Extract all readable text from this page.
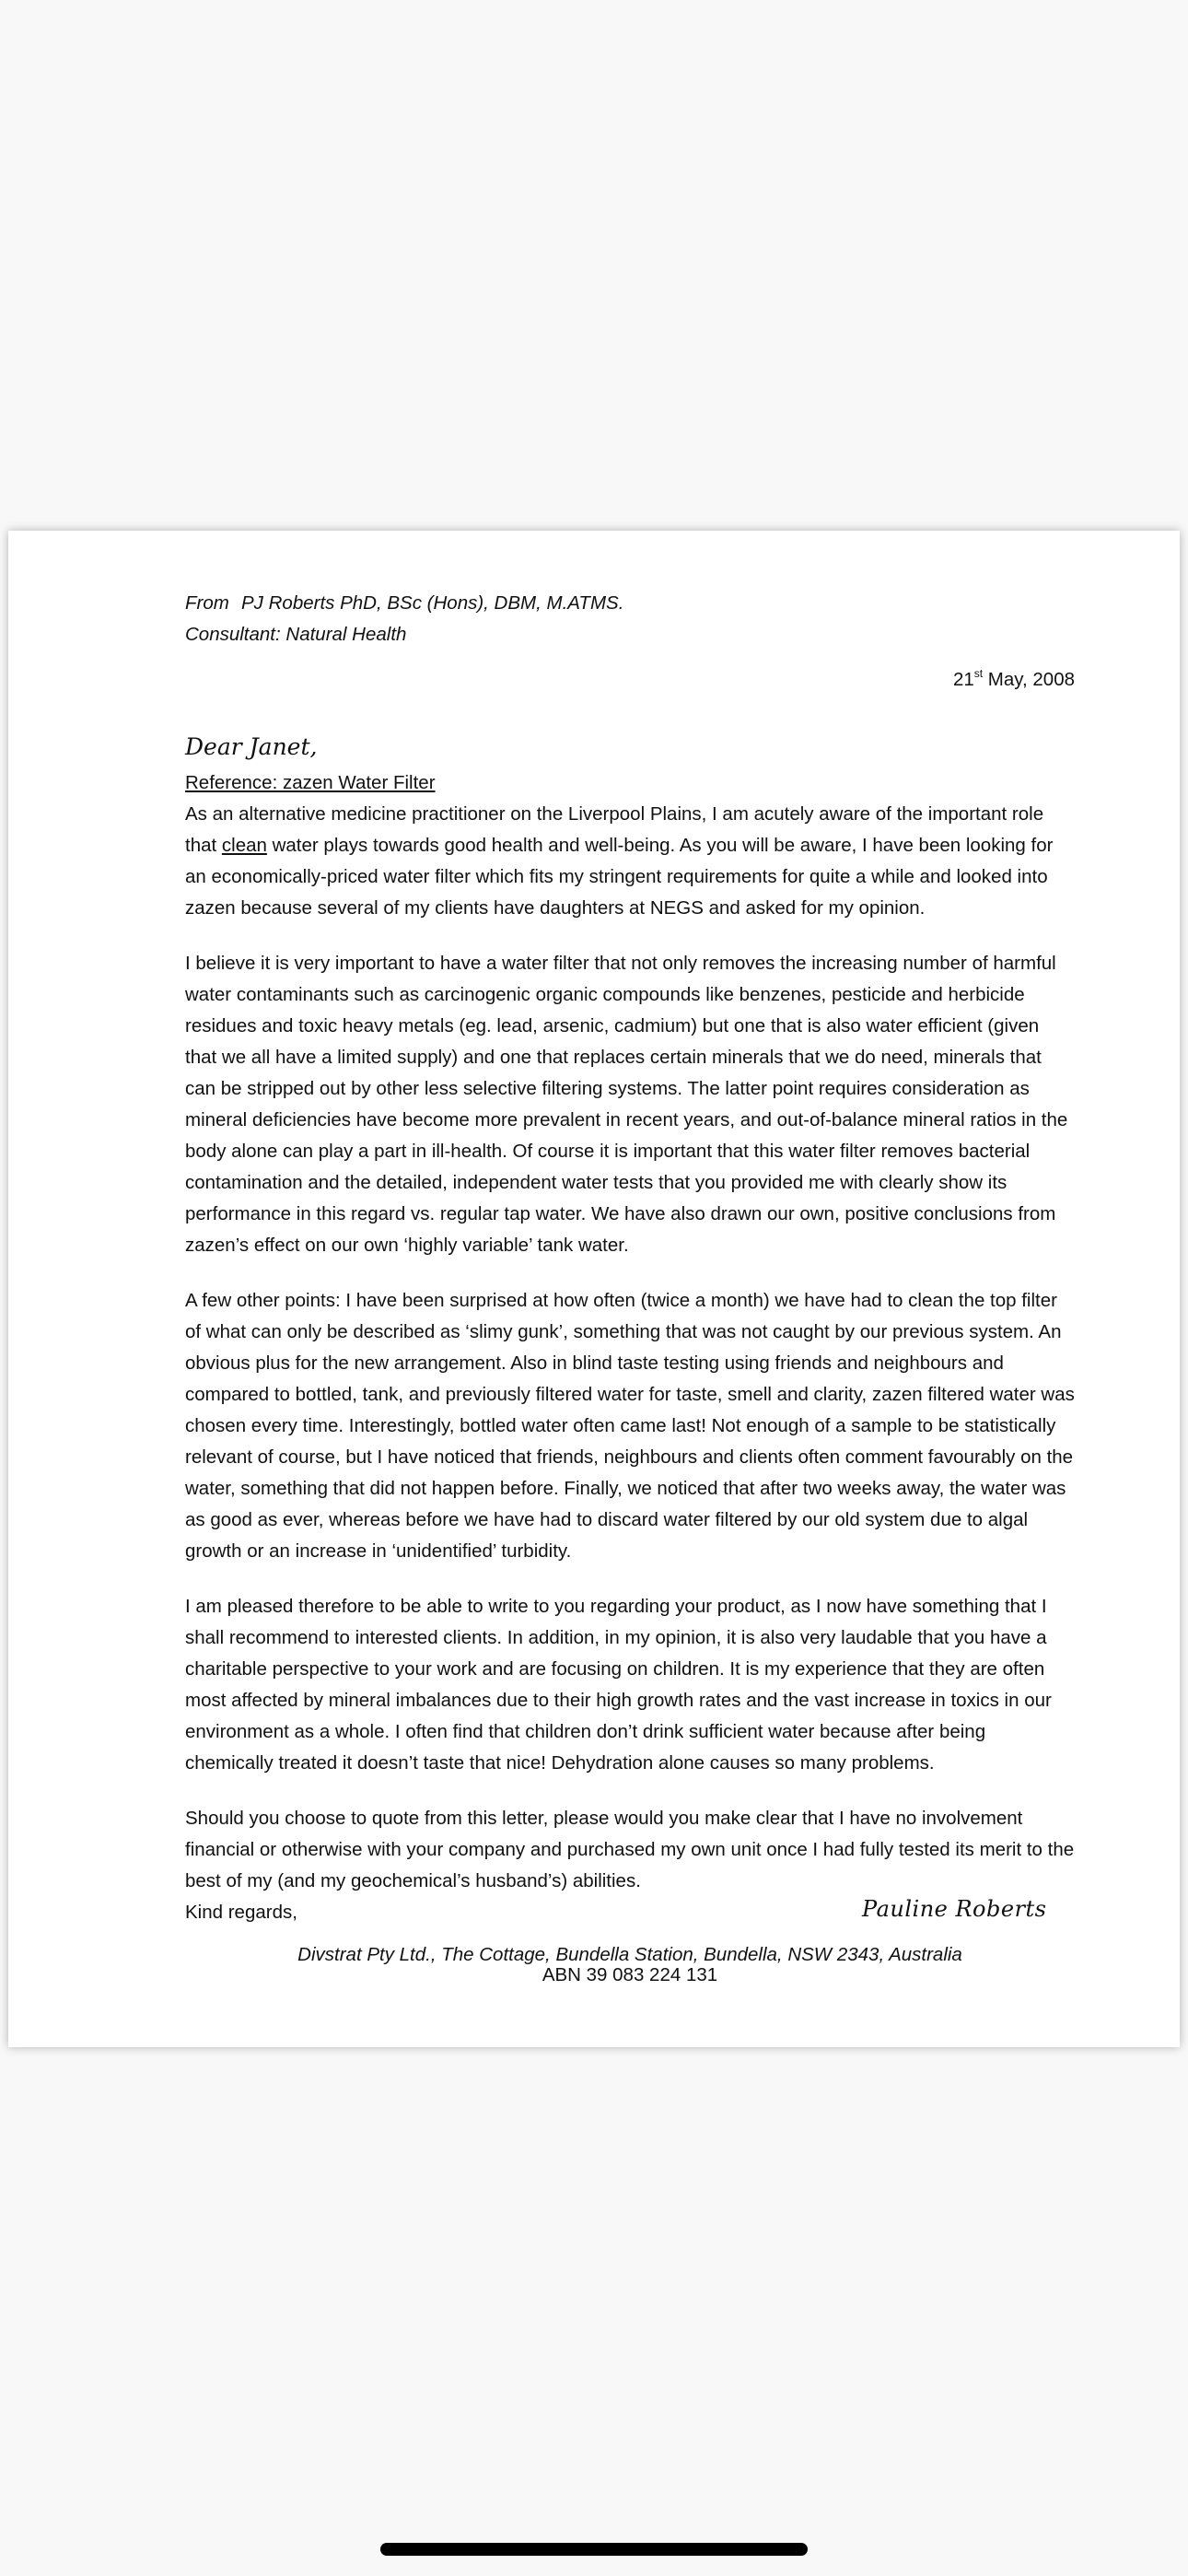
From PJ Roberts PhD, BSc (Hons), DBM, M.ATMS.
Consultant: Natural Health
21st May, 2008
Dear Janet,
Reference: zazen Water Filter

As an alternative medicine practitioner on the Liverpool Plains, I am acutely aware of the important role that clean water plays towards good health and well-being. As you will be aware, I have been looking for an economically-priced water filter which fits my stringent requirements for quite a while and looked into zazen because several of my clients have daughters at NEGS and asked for my opinion.

I believe it is very important to have a water filter that not only removes the increasing number of harmful water contaminants such as carcinogenic organic compounds like benzenes, pesticide and herbicide residues and toxic heavy metals (eg. lead, arsenic, cadmium) but one that is also water efficient (given that we all have a limited supply) and one that replaces certain minerals that we do need, minerals that can be stripped out by other less selective filtering systems. The latter point requires consideration as mineral deficiencies have become more prevalent in recent years, and out-of-balance mineral ratios in the body alone can play a part in ill-health. Of course it is important that this water filter removes bacterial contamination and the detailed, independent water tests that you provided me with clearly show its performance in this regard vs. regular tap water. We have also drawn our own, positive conclusions from zazen’s effect on our own ‘highly variable’ tank water.

A few other points: I have been surprised at how often (twice a month) we have had to clean the top filter of what can only be described as ‘slimy gunk’, something that was not caught by our previous system. An obvious plus for the new arrangement. Also in blind taste testing using friends and neighbours and compared to bottled, tank, and previously filtered water for taste, smell and clarity, zazen filtered water was chosen every time. Interestingly, bottled water often came last! Not enough of a sample to be statistically relevant of course, but I have noticed that friends, neighbours and clients often comment favourably on the water, something that did not happen before. Finally, we noticed that after two weeks away, the water was as good as ever, whereas before we have had to discard water filtered by our old system due to algal growth or an increase in ‘unidentified’ turbidity.

I am pleased therefore to be able to write to you regarding your product, as I now have something that I shall recommend to interested clients. In addition, in my opinion, it is also very laudable that you have a charitable perspective to your work and are focusing on children. It is my experience that they are often most affected by mineral imbalances due to their high growth rates and the vast increase in toxics in our environment as a whole. I often find that children don’t drink sufficient water because after being chemically treated it doesn’t taste that nice! Dehydration alone causes so many problems.

Should you choose to quote from this letter, please would you make clear that I have no involvement financial or otherwise with your company and purchased my own unit once I had fully tested its merit to the best of my (and my geochemical’s husband’s) abilities.

Kind regards,	Pauline Roberts
Divstrat Pty Ltd., The Cottage, Bundella Station, Bundella, NSW 2343, Australia
ABN 39 083 224 131
